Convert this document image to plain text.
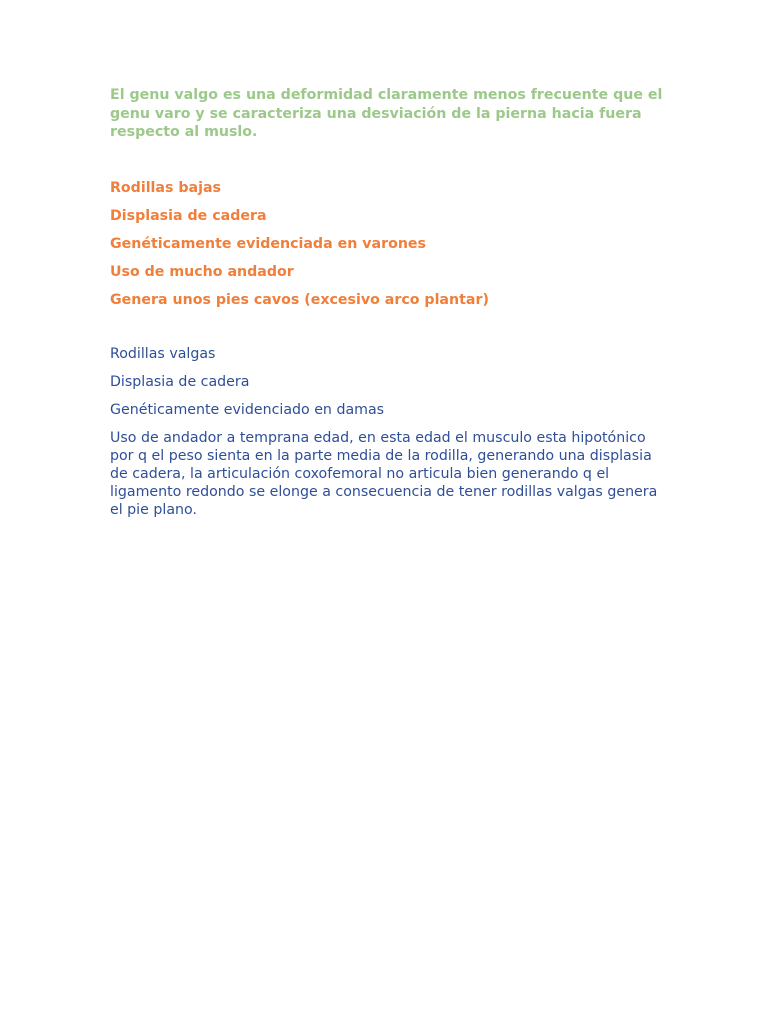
El genu valgo es una deformidad claramente menos frecuente que el genu varo y se caracteriza una desviación de la pierna hacia fuera respecto al muslo.

Rodillas bajas
Displasia de cadera
Genéticamente evidenciada en varones
Uso de mucho andador
Genera unos pies cavos (excesivo arco plantar)
Rodillas valgas
Displasia de cadera
Genéticamente evidenciado en damas
Uso de andador a temprana edad, en esta edad el musculo esta hipotónico por q el peso sienta en la parte media de la rodilla, generando una displasia de cadera, la articulación coxofemoral no articula bien generando q el ligamento redondo se elonge a consecuencia de tener rodillas valgas genera el pie plano.
